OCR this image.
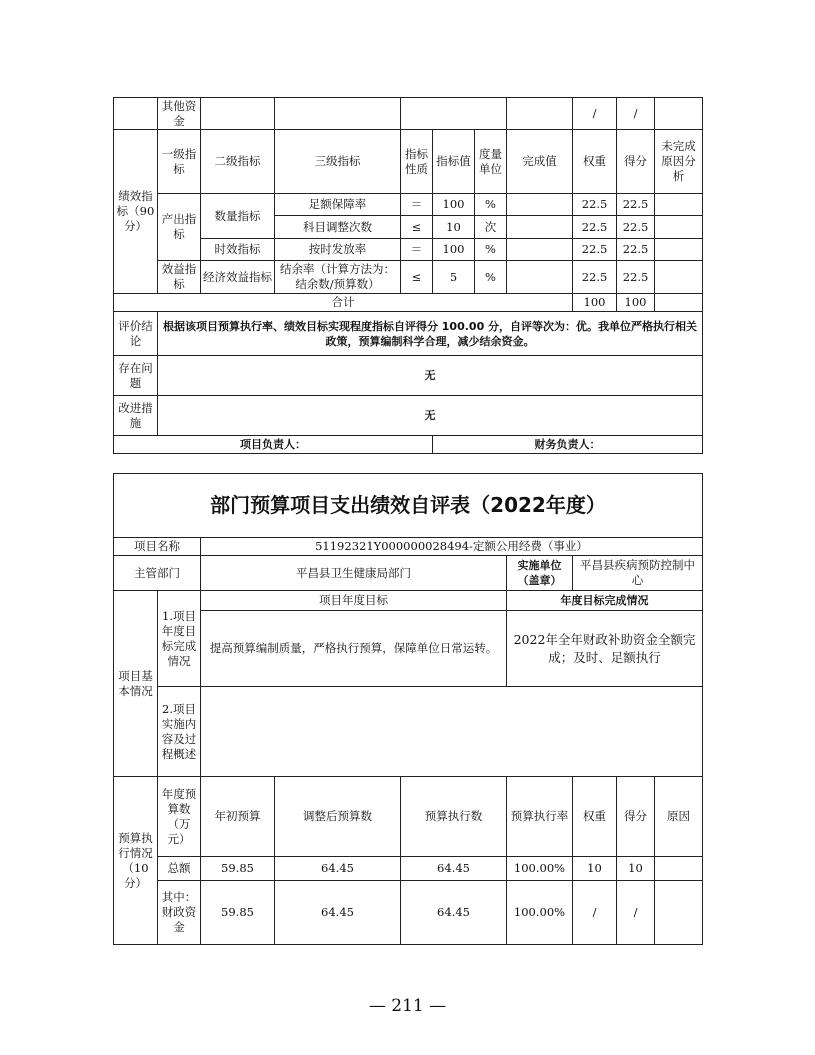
	其他资金							/	/	
绩效指标（90分）	一级指标	二级指标	三级指标	指标性质	指标值	度量单位	完成值	权重	得分	未完成原因分析
	产出指标	数量指标	足额保障率	＝	100	%		22.5	22.5	
			科目调整次数	≤	10	次		22.5	22.5	
		时效指标	按时发放率	＝	100	%		22.5	22.5	
	效益指标	经济效益指标	结余率（计算方法为：结余数/预算数）	≤	5	%		22.5	22.5	
合计								100	100	
评价结论	根据该项目预算执行率、绩效目标实现程度指标自评得分 100.00 分，自评等次为：优。我单位严格执行相关政策，预算编制科学合理，减少结余资金。									
存在问题	无									
改进措施	无									
项目负责人：					财务负责人：					
部门预算项目支出绩效自评表（2022年度）								
项目名称		51192321Y000000028494-定额公用经费（事业）						
主管部门		平昌县卫生健康局部门			实施单位（盖章）	平昌县疾病预防控制中心		
项目基本情况	1.项目年度目标完成情况	项目年度目标			年度目标完成情况			
		提高预算编制质量，严格执行预算，保障单位日常运转。			2022年全年财政补助资金全额完成；及时、足额执行			
	2.项目实施内容及过程概述							
预算执行情况（10分）	年度预算数（万元）	年初预算	调整后预算数	预算执行数	预算执行率	权重	得分	原因
	总额	59.85	64.45	64.45	100.00%	10	10	
	其中：财政资金	59.85	64.45	64.45	100.00%	/	/	
— 211 —
